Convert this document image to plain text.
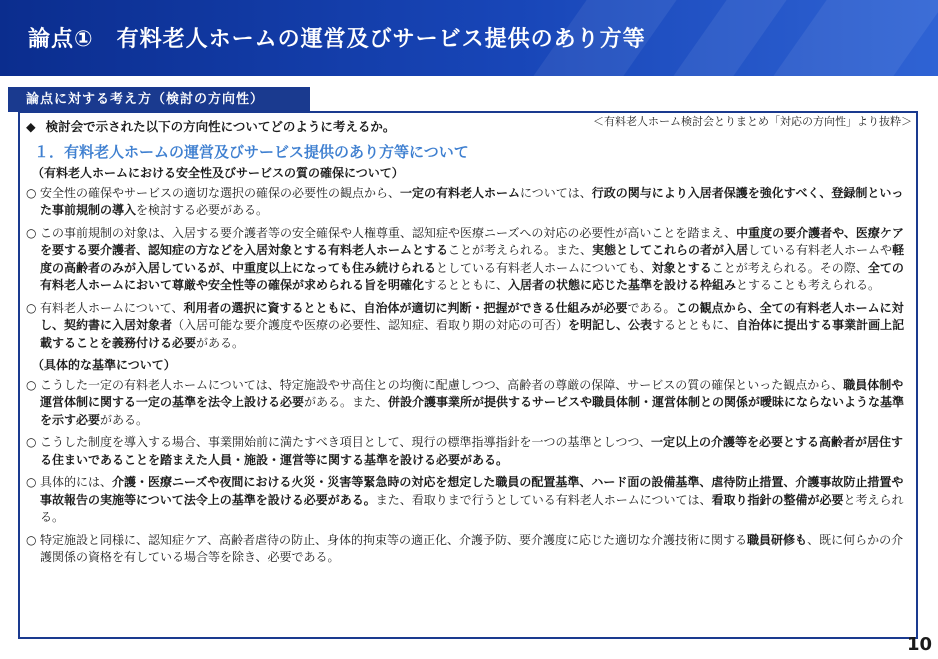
論点①　有料老人ホームの運営及びサービス提供のあり方等
論点に対する考え方（検討の方向性）
＜有料老人ホーム検討会とりまとめ「対応の方向性」より抜粋＞
◆ 検討会で示された以下の方向性についてどのように考えるか。
１．有料老人ホームの運営及びサービス提供のあり方等について
（有料老人ホームにおける安全性及びサービスの質の確保について）
○ 安全性の確保やサービスの適切な選択の確保の必要性の観点から、一定の有料老人ホームについては、行政の関与により入居者保護を強化すべく、登録制といった事前規制の導入を検討する必要がある。
○ この事前規制の対象は、入居する要介護者等の安全確保や人権尊重、認知症や医療ニーズへの対応の必要性が高いことを踏まえ、中重度の要介護者や、医療ケアを要する要介護者、認知症の方などを入居対象とする有料老人ホームとすることが考えられる。また、実態としてこれらの者が入居している有料老人ホームや軽度の高齢者のみが入居しているが、中重度以上になっても住み続けられるとしている有料老人ホームについても、対象とすることが考えられる。その際、全ての有料老人ホームにおいて尊厳や安全性等の確保が求められる旨を明確化するとともに、入居者の状態に応じた基準を設ける枠組みとすることも考えられる。
○ 有料老人ホームについて、利用者の選択に資するとともに、自治体が適切に判断・把握ができる仕組みが必要である。この観点から、全ての有料老人ホームに対し、契約書に入居対象者（入居可能な要介護度や医療の必要性、認知症、看取り期の対応の可否）を明記し、公表するとともに、自治体に提出する事業計画上記載することを義務付ける必要がある。
（具体的な基準について）
○ こうした一定の有料老人ホームについては、特定施設やサ高住との均衡に配慮しつつ、高齢者の尊厳の保障、サービスの質の確保といった観点から、職員体制や運営体制に関する一定の基準を法令上設ける必要がある。また、併設介護事業所が提供するサービスや職員体制・運営体制との関係が曖昧にならないような基準を示す必要がある。
○ こうした制度を導入する場合、事業開始前に満たすべき項目として、現行の標準指導指針を一つの基準としつつ、一定以上の介護等を必要とする高齢者が居住する住まいであることを踏まえた人員・施設・運営等に関する基準を設ける必要がある。
○ 具体的には、介護・医療ニーズや夜間における火災・災害等緊急時の対応を想定した職員の配置基準、ハード面の設備基準、虐待防止措置、介護事故防止措置や事故報告の実施等について法令上の基準を設ける必要がある。また、看取りまで行うとしている有料老人ホームについては、看取り指針の整備が必要と考えられる。
○ 特定施設と同様に、認知症ケア、高齢者虐待の防止、身体的拘束等の適正化、介護予防、要介護度に応じた適切な介護技術に関する職員研修も、既に何らかの介護関係の資格を有している場合等を除き、必要である。
10
